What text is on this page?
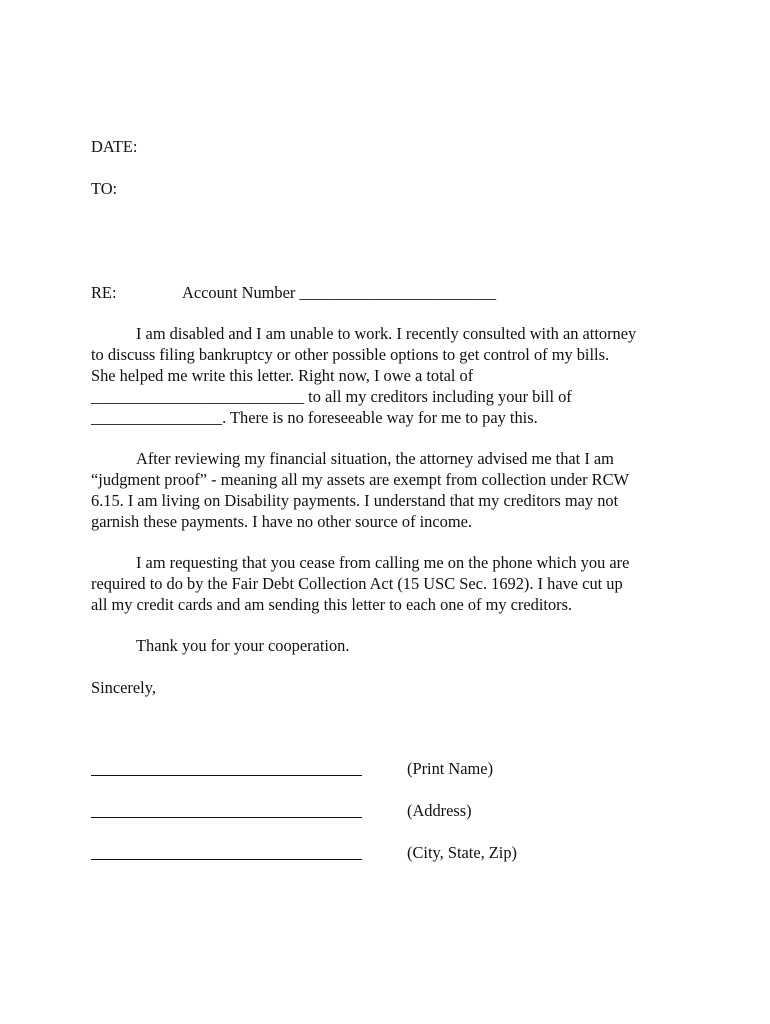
DATE:
TO:
RE:	Account Number ________________________
I am disabled and I am unable to work. I recently consulted with an attorney
to discuss filing bankruptcy or other possible options to get control of my bills.
She helped me write this letter. Right now, I owe a total of
__________________________ to all my creditors including your bill of
________________. There is no foreseeable way for me to pay this.
After reviewing my financial situation, the attorney advised me that I am
“judgment proof” - meaning all my assets are exempt from collection under RCW
6.15. I am living on Disability payments. I understand that my creditors may not
garnish these payments. I have no other source of income.
I am requesting that you cease from calling me on the phone which you are
required to do by the Fair Debt Collection Act (15 USC Sec. 1692). I have cut up
all my credit cards and am sending this letter to each one of my creditors.
Thank you for your cooperation.
Sincerely,
(Print Name)
(Address)
(City, State, Zip)
